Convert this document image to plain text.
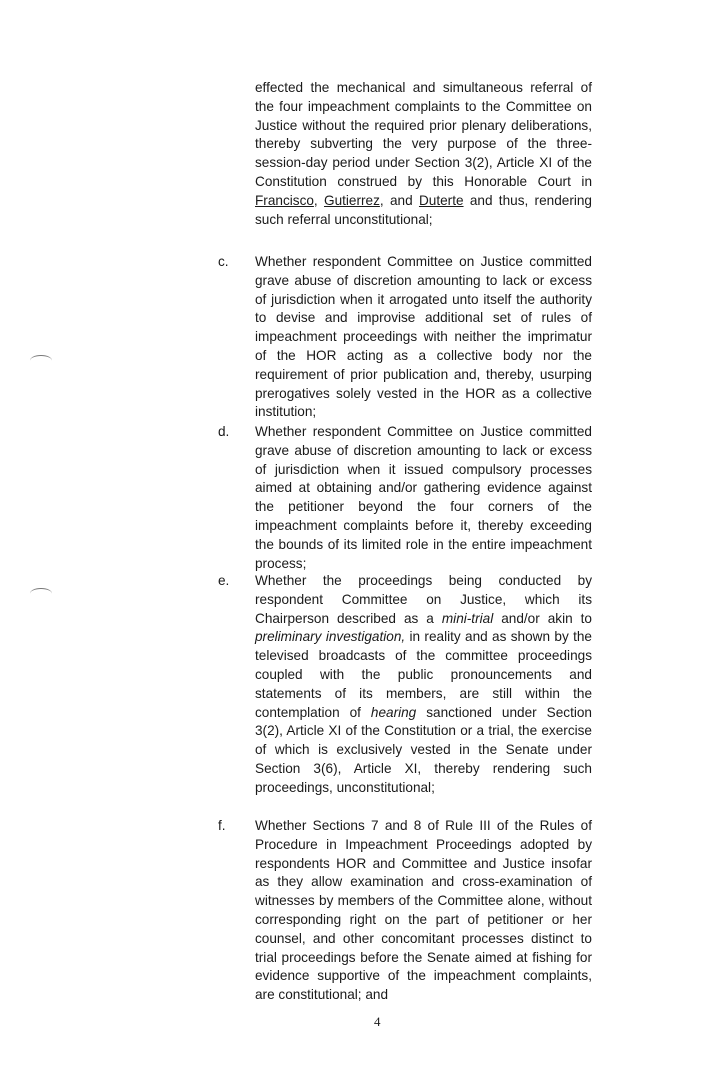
effected the mechanical and simultaneous referral of the four impeachment complaints to the Committee on Justice without the required prior plenary deliberations, thereby subverting the very purpose of the three-session-day period under Section 3(2), Article XI of the Constitution construed by this Honorable Court in Francisco, Gutierrez, and Duterte and thus, rendering such referral unconstitutional;

c. Whether respondent Committee on Justice committed grave abuse of discretion amounting to lack or excess of jurisdiction when it arrogated unto itself the authority to devise and improvise additional set of rules of impeachment proceedings with neither the imprimatur of the HOR acting as a collective body nor the requirement of prior publication and, thereby, usurping prerogatives solely vested in the HOR as a collective institution;

d. Whether respondent Committee on Justice committed grave abuse of discretion amounting to lack or excess of jurisdiction when it issued compulsory processes aimed at obtaining and/or gathering evidence against the petitioner beyond the four corners of the impeachment complaints before it, thereby exceeding the bounds of its limited role in the entire impeachment process;

e. Whether the proceedings being conducted by respondent Committee on Justice, which its Chairperson described as a mini-trial and/or akin to preliminary investigation, in reality and as shown by the televised broadcasts of the committee proceedings coupled with the public pronouncements and statements of its members, are still within the contemplation of hearing sanctioned under Section 3(2), Article XI of the Constitution or a trial, the exercise of which is exclusively vested in the Senate under Section 3(6), Article XI, thereby rendering such proceedings, unconstitutional;

f. Whether Sections 7 and 8 of Rule III of the Rules of Procedure in Impeachment Proceedings adopted by respondents HOR and Committee and Justice insofar as they allow examination and cross-examination of witnesses by members of the Committee alone, without corresponding right on the part of petitioner or her counsel, and other concomitant processes distinct to trial proceedings before the Senate aimed at fishing for evidence supportive of the impeachment complaints, are constitutional; and

4
